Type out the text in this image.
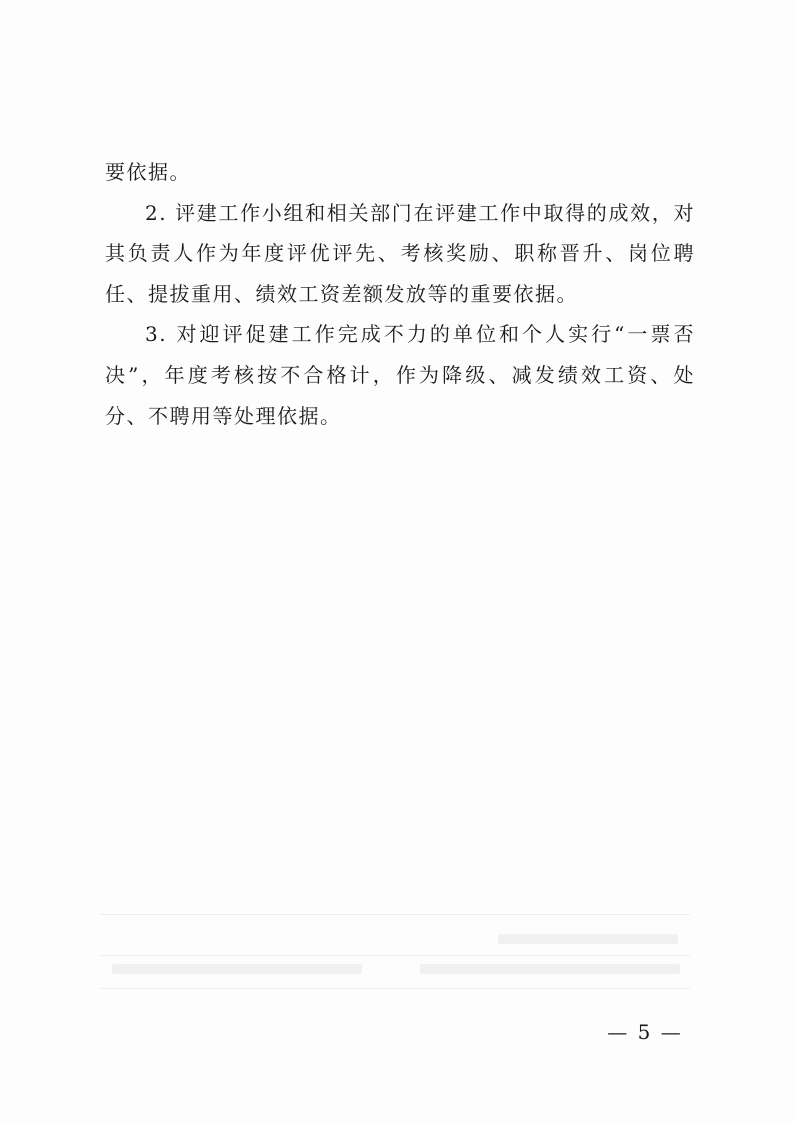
要依据。

2. 评建工作小组和相关部门在评建工作中取得的成效，对其负责人作为年度评优评先、考核奖励、职称晋升、岗位聘任、提拔重用、绩效工资差额发放等的重要依据。

3. 对迎评促建工作完成不力的单位和个人实行“一票否决”，年度考核按不合格计，作为降级、减发绩效工资、处分、不聘用等处理依据。

— 5 —
